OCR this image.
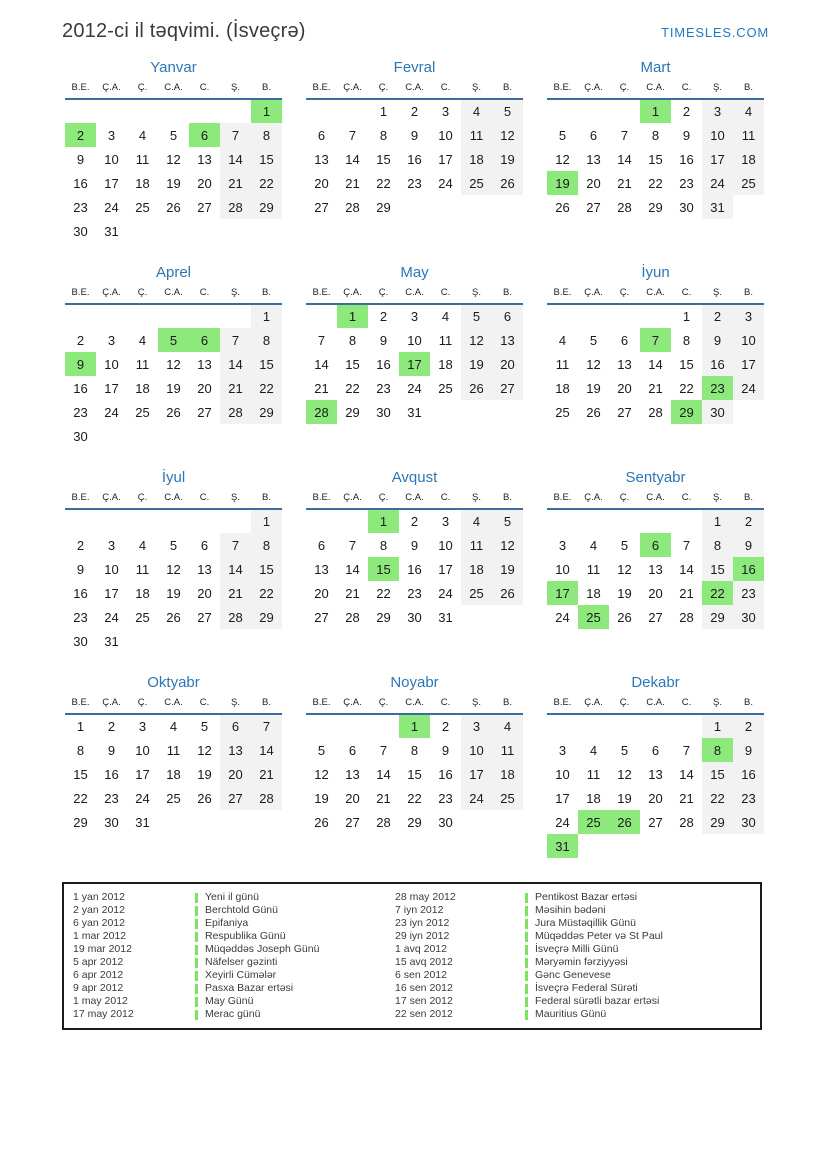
2012-ci il təqvimi. (İsveçrə)	TIMESLES.COM
Yanvar
B.E.	Ç.A.	Ç.	C.A.	C.	Ş.	B.
						1
2	3	4	5	6	7	8
9	10	11	12	13	14	15
16	17	18	19	20	21	22
23	24	25	26	27	28	29
30	31					
Fevral
B.E.	Ç.A.	Ç.	C.A.	C.	Ş.	B.
		1	2	3	4	5
6	7	8	9	10	11	12
13	14	15	16	17	18	19
20	21	22	23	24	25	26
27	28	29				
Mart
B.E.	Ç.A.	Ç.	C.A.	C.	Ş.	B.
			1	2	3	4
5	6	7	8	9	10	11
12	13	14	15	16	17	18
19	20	21	22	23	24	25
26	27	28	29	30	31	
Aprel
B.E.	Ç.A.	Ç.	C.A.	C.	Ş.	B.
						1
2	3	4	5	6	7	8
9	10	11	12	13	14	15
16	17	18	19	20	21	22
23	24	25	26	27	28	29
30						
May
B.E.	Ç.A.	Ç.	C.A.	C.	Ş.	B.
	1	2	3	4	5	6
7	8	9	10	11	12	13
14	15	16	17	18	19	20
21	22	23	24	25	26	27
28	29	30	31			
İyun
B.E.	Ç.A.	Ç.	C.A.	C.	Ş.	B.
				1	2	3
4	5	6	7	8	9	10
11	12	13	14	15	16	17
18	19	20	21	22	23	24
25	26	27	28	29	30	
İyul
B.E.	Ç.A.	Ç.	C.A.	C.	Ş.	B.
						1
2	3	4	5	6	7	8
9	10	11	12	13	14	15
16	17	18	19	20	21	22
23	24	25	26	27	28	29
30	31					
Avqust
B.E.	Ç.A.	Ç.	C.A.	C.	Ş.	B.
		1	2	3	4	5
6	7	8	9	10	11	12
13	14	15	16	17	18	19
20	21	22	23	24	25	26
27	28	29	30	31		
Sentyabr
B.E.	Ç.A.	Ç.	C.A.	C.	Ş.	B.
					1	2
3	4	5	6	7	8	9
10	11	12	13	14	15	16
17	18	19	20	21	22	23
24	25	26	27	28	29	30
Oktyabr
B.E.	Ç.A.	Ç.	C.A.	C.	Ş.	B.
1	2	3	4	5	6	7
8	9	10	11	12	13	14
15	16	17	18	19	20	21
22	23	24	25	26	27	28
29	30	31				
Noyabr
B.E.	Ç.A.	Ç.	C.A.	C.	Ş.	B.
			1	2	3	4
5	6	7	8	9	10	11
12	13	14	15	16	17	18
19	20	21	22	23	24	25
26	27	28	29	30		
Dekabr
B.E.	Ç.A.	Ç.	C.A.	C.	Ş.	B.
					1	2
3	4	5	6	7	8	9
10	11	12	13	14	15	16
17	18	19	20	21	22	23
24	25	26	27	28	29	30
31						
1 yan 2012	Yeni il günü	28 may 2012	Pentikost Bazar ertəsi
2 yan 2012	Berchtold Günü	7 iyn 2012	Məsihin bədəni
6 yan 2012	Epifaniya	23 iyn 2012	Jura Müstəqillik Günü
1 mar 2012	Respublika Günü	29 iyn 2012	Müqəddəs Peter və St Paul
19 mar 2012	Müqəddəs Joseph Günü	1 avq 2012	İsveçrə Milli Günü
5 apr 2012	Näfelser gəzinti	15 avq 2012	Məryəmin fərziyyəsi
6 apr 2012	Xeyirli Cümələr	6 sen 2012	Gənc Genevese
9 apr 2012	Pasxa Bazar ertəsi	16 sen 2012	İsveçrə Federal Sürəti
1 may 2012	May Günü	17 sen 2012	Federal sürətli bazar ertəsi
17 may 2012	Merac günü	22 sen 2012	Mauritius Günü
